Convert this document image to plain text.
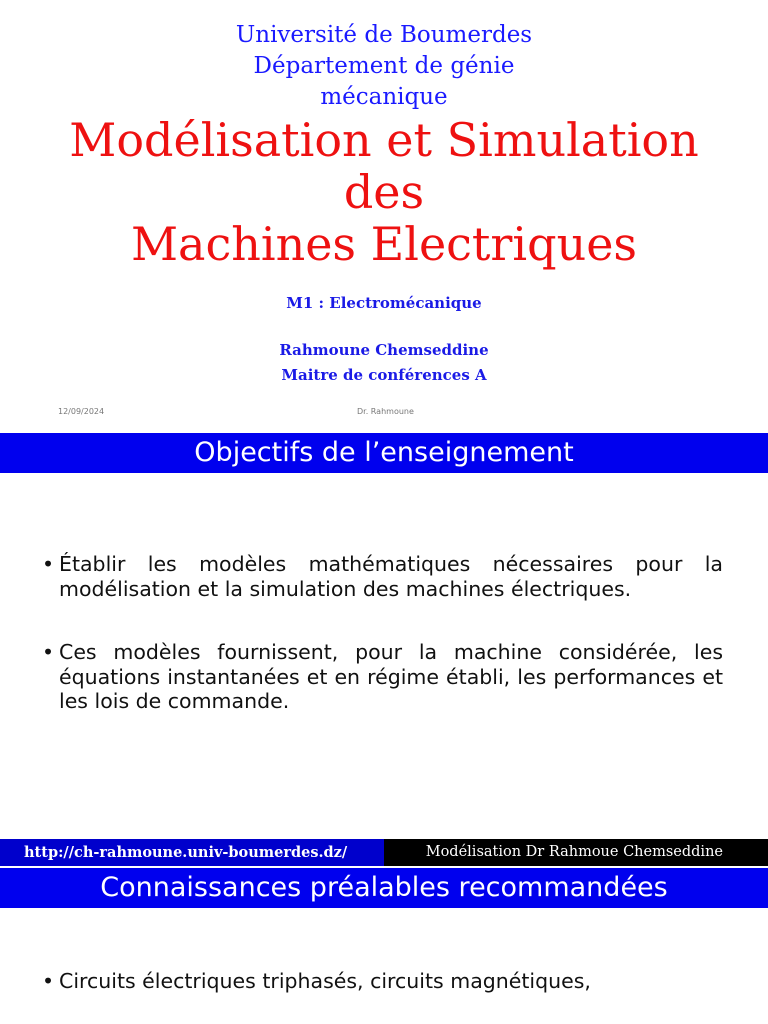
Université de Boumerdes
Département de génie
mécanique
Modélisation et Simulation
des
Machines Electriques
M1 : Electromécanique
Rahmoune Chemseddine
Maitre de conférences A
12/09/2024	Dr. Rahmoune
Objectifs de l’enseignement
• Établir les modèles mathématiques nécessaires pour la modélisation et la simulation des machines électriques.
• Ces modèles fournissent, pour la machine considérée, les équations instantanées et en régime établi, les performances et les lois de commande.
http://ch-rahmoune.univ-boumerdes.dz/	Modélisation Dr Rahmoue Chemseddine
Connaissances préalables recommandées
• Circuits électriques triphasés, circuits magnétiques,
